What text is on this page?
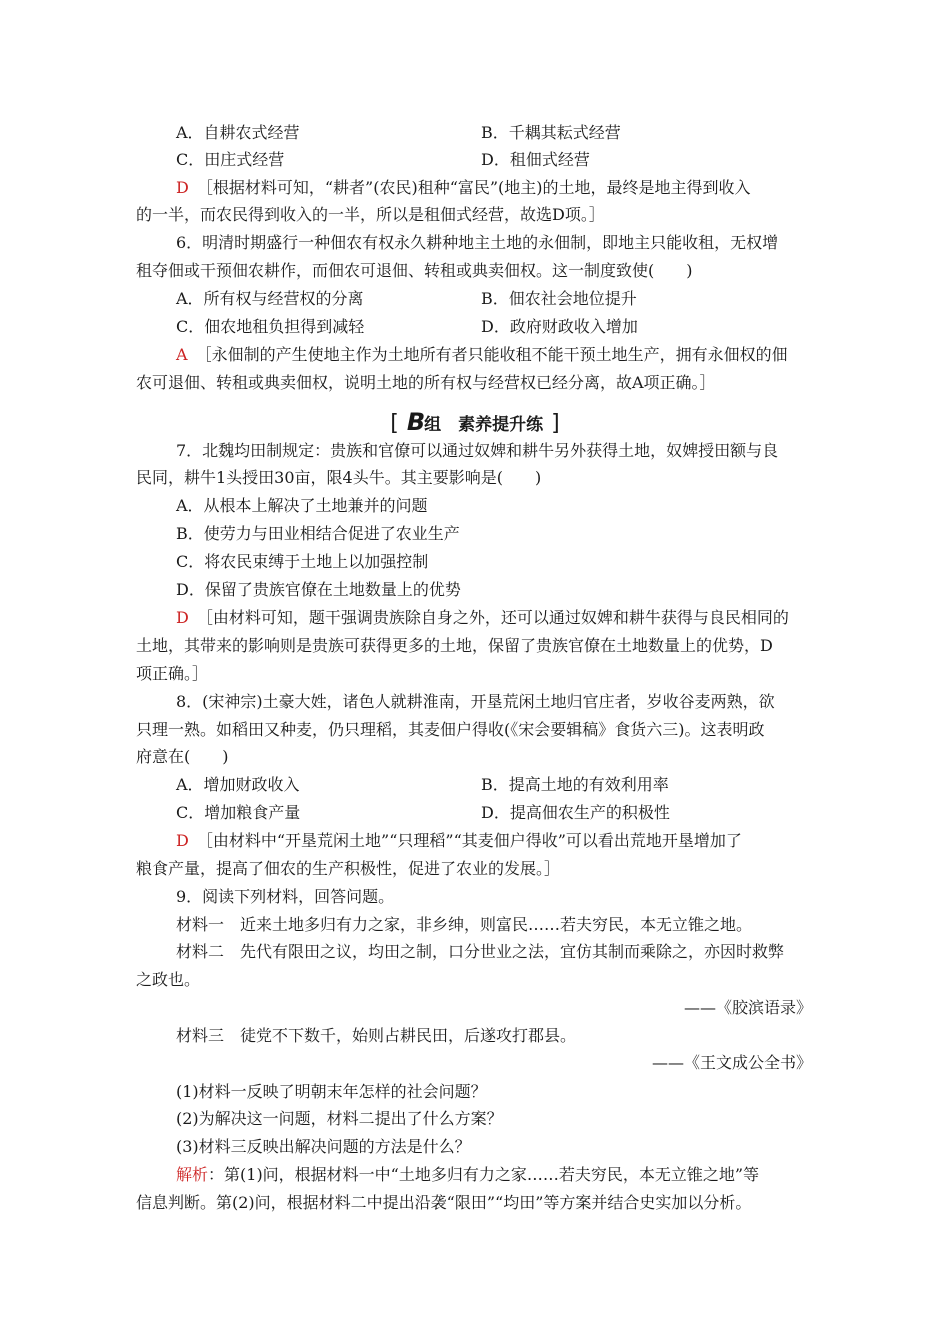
A．自耕农式经营	B．千耦其耘式经营
C．田庄式经营	D．租佃式经营
D　 ［根据材料可知，“耕者”(农民)租种“富民”(地主)的土地，最终是地主得到收入
的一半，而农民得到收入的一半，所以是租佃式经营，故选D项。］
6．明清时期盛行一种佃农有权永久耕种地主土地的永佃制，即地主只能收租，无权增
租夺佃或干预佃农耕作，而佃农可退佃、转租或典卖佃权。这一制度致使(　　)
A．所有权与经营权的分离	B．佃农社会地位提升
C．佃农地租负担得到减轻	D．政府财政收入增加
A　 ［永佃制的产生使地主作为土地所有者只能收租不能干预土地生产，拥有永佃权的佃
农可退佃、转租或典卖佃权，说明土地的所有权与经营权已经分离，故A项正确。］
[ B组　素养提升练 ]
7．北魏均田制规定：贵族和官僚可以通过奴婢和耕牛另外获得土地，奴婢授田额与良
民同，耕牛1头授田30亩，限4头牛。其主要影响是(　　)
A．从根本上解决了土地兼并的问题
B．使劳力与田业相结合促进了农业生产
C．将农民束缚于土地上以加强控制
D．保留了贵族官僚在土地数量上的优势
D　 ［由材料可知，题干强调贵族除自身之外，还可以通过奴婢和耕牛获得与良民相同的
土地，其带来的影响则是贵族可获得更多的土地，保留了贵族官僚在土地数量上的优势，D
项正确。］
8．(宋神宗)土豪大姓，诸色人就耕淮南，开垦荒闲土地归官庄者，岁收谷麦两熟，欲
只理一熟。如稻田又种麦，仍只理稻，其麦佃户得收(《宋会要辑稿》食货六三)。这表明政
府意在(　　)
A．增加财政收入	B．提高土地的有效利用率
C．增加粮食产量	D．提高佃农生产的积极性
D　 ［由材料中“开垦荒闲土地”“只理稻”“其麦佃户得收”可以看出荒地开垦增加了
粮食产量，提高了佃农的生产积极性，促进了农业的发展。］
9．阅读下列材料，回答问题。
材料一　近来土地多归有力之家，非乡绅，则富民……若夫穷民，本无立锥之地。
材料二　先代有限田之议，均田之制，口分世业之法，宜仿其制而乘除之，亦因时救弊
之政也。
——《胶滨语录》
材料三　徒党不下数千，始则占耕民田，后遂攻打郡县。
——《王文成公全书》
(1)材料一反映了明朝末年怎样的社会问题？
(2)为解决这一问题，材料二提出了什么方案？
(3)材料三反映出解决问题的方法是什么？
解析：第(1)问，根据材料一中“土地多归有力之家……若夫穷民，本无立锥之地”等
信息判断。第(2)问，根据材料二中提出沿袭“限田”“均田”等方案并结合史实加以分析。
